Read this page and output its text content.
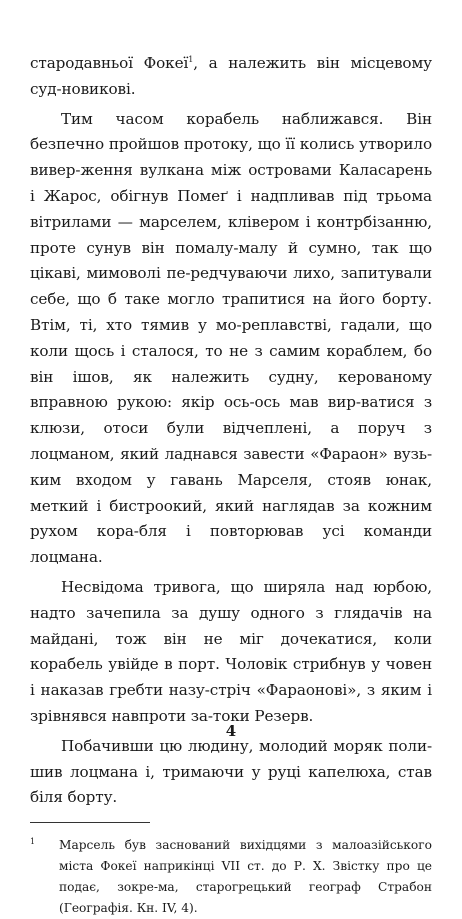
стародавньої Фокеї$^1$, а належить він місцевому суд-новикові.

Тим часом корабель наближався. Він безпечно пройшов протоку, що її колись утворило вивер-ження вулкана між островами Каласарень і Жарос, обігнув Помеґ і надпливав під трьома вітрилами — марселем, клівером і контрбізанню, проте сунув він помалу-малу й сумно, так що цікаві, мимоволі пе-редчуваючи лихо, запитували себе, що б таке могло трапитися на його борту. Втім, ті, хто тямив у мо-реплавстві, гадали, що коли щось і сталося, то не з самим кораблем, бо він ішов, як належить судну, керованому вправною рукою: якір ось-ось мав вир-ватися з клюзи, отоси були відчеплені, а поруч з лоцманом, який ладнався завести «Фараон» вузь-ким входом у гавань Марселя, стояв юнак, меткий і бистроокий, який наглядав за кожним рухом кора-бля і повторював усі команди лоцмана.

Несвідома тривога, що ширяла над юрбою, надто зачепила за душу одного з глядачів на майдані, тож він не міг дочекатися, коли корабель увійде в порт. Чоловік стрибнув у човен і наказав гребти назу-стріч «Фараонові», з яким і зрівнявся навпроти за-токи Резерв.

Побачивши цю людину, молодий моряк поли-шив лоцмана і, тримаючи у руці капелюха, став біля борту.

1 Марсель був заснований вихідцями з малоазійського міста Фокеї наприкінці VII ст. до Р. Х. Звістку про це подає, зокре-ма, старогрецький географ Страбон (Географія. Кн. IV, 4).
4
